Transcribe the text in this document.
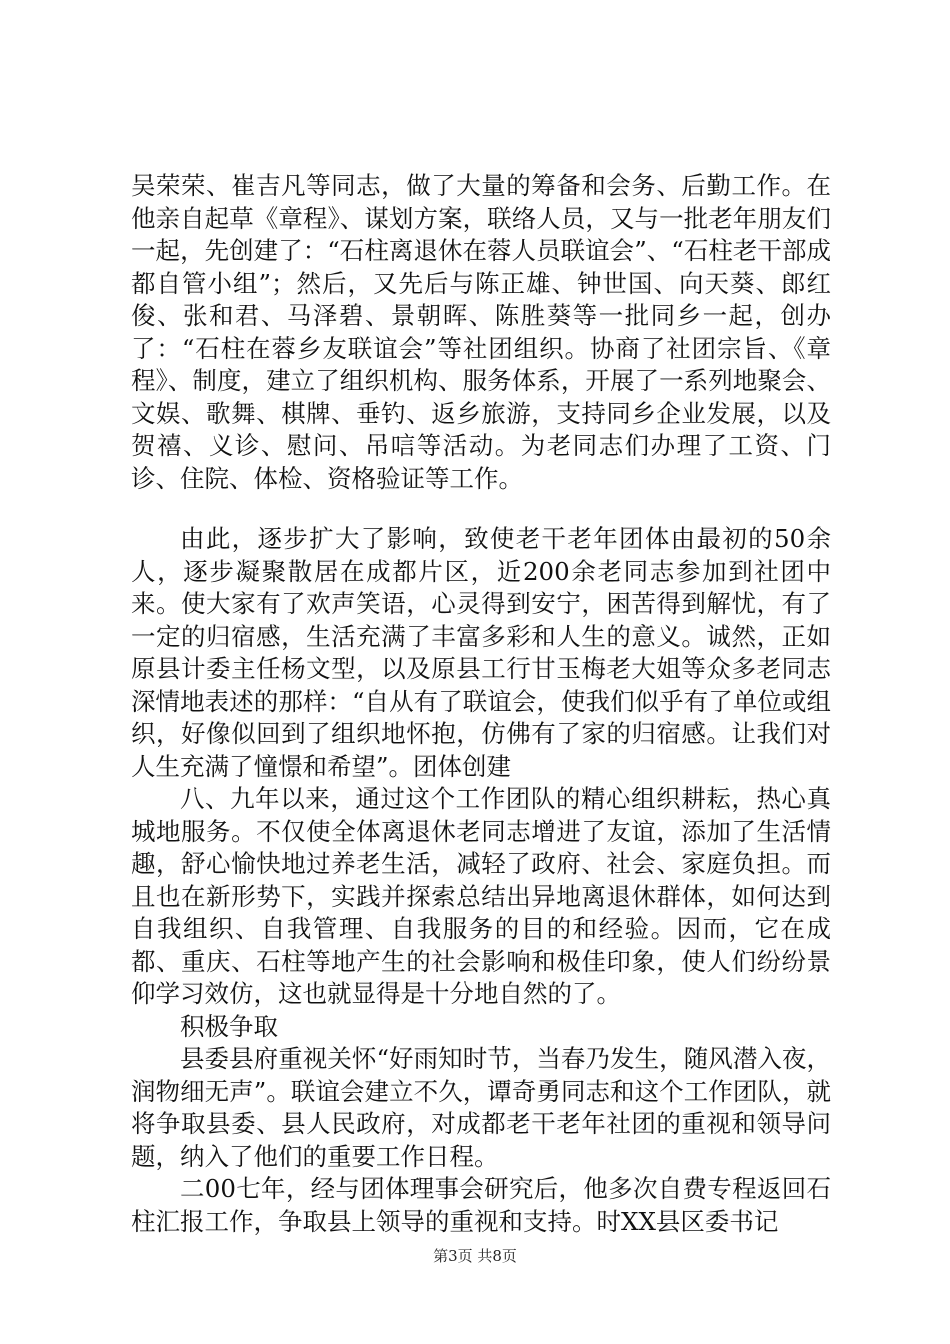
吴荣荣、崔吉凡等同志，做了大量的筹备和会务、后勤工作。在他亲自起草《章程》、谋划方案，联络人员，又与一批老年朋友们一起，先创建了：“石柱离退休在蓉人员联谊会”、“石柱老干部成都自管小组”；然后，又先后与陈正雄、钟世国、向天葵、郎红俊、张和君、马泽碧、景朝晖、陈胜葵等一批同乡一起，创办了：“石柱在蓉乡友联谊会”等社团组织。协商了社团宗旨、《章程》、制度，建立了组织机构、服务体系，开展了一系列地聚会、文娱、歌舞、棋牌、垂钓、返乡旅游，支持同乡企业发展，以及贺禧、义诊、慰问、吊唁等活动。为老同志们办理了工资、门诊、住院、体检、资格验证等工作。

由此，逐步扩大了影响，致使老干老年团体由最初的50余人，逐步凝聚散居在成都片区，近200余老同志参加到社团中来。使大家有了欢声笑语，心灵得到安宁，困苦得到解忧，有了一定的归宿感，生活充满了丰富多彩和人生的意义。诚然，正如原县计委主任杨文型，以及原县工行甘玉梅老大姐等众多老同志深情地表述的那样：“自从有了联谊会，使我们似乎有了单位或组织，好像似回到了组织地怀抱，仿佛有了家的归宿感。让我们对人生充满了憧憬和希望”。团体创建

八、九年以来，通过这个工作团队的精心组织耕耘，热心真城地服务。不仅使全体离退休老同志增进了友谊，添加了生活情趣，舒心愉快地过养老生活，减轻了政府、社会、家庭负担。而且也在新形势下，实践并探索总结出异地离退休群体，如何达到自我组织、自我管理、自我服务的目的和经验。因而，它在成都、重庆、石柱等地产生的社会影响和极佳印象，使人们纷纷景仰学习效仿，这也就显得是十分地自然的了。

积极争取

县委县府重视关怀“好雨知时节，当春乃发生，随风潜入夜，润物细无声”。联谊会建立不久，谭奇勇同志和这个工作团队，就将争取县委、县人民政府，对成都老干老年社团的重视和领导问题，纳入了他们的重要工作日程。

二00七年，经与团体理事会研究后，他多次自费专程返回石柱汇报工作，争取县上领导的重视和支持。时XX县区委书记

第3页 共8页
